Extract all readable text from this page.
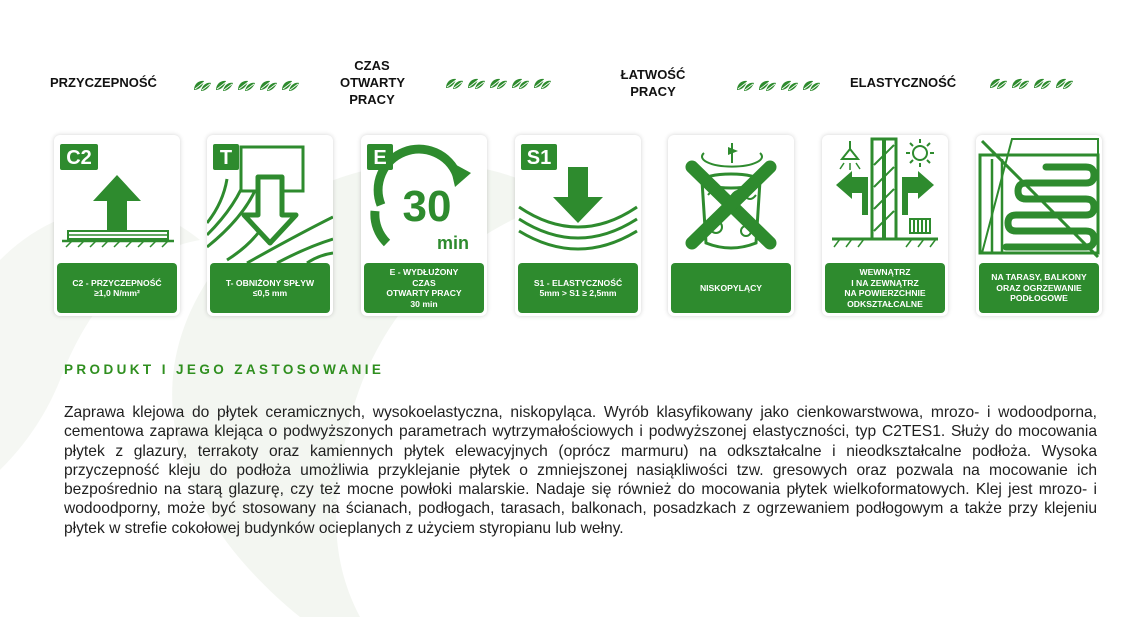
PRZYCZEPNOŚĆ
CZAS
OTWARTY
PRACY
ŁATWOŚĆ
PRACY
ELASTYCZNOŚĆ
C2
C2 - PRZYCZEPNOŚĆ
≥1,0 N/mm²
T
T- OBNIŻONY SPŁYW
≤0,5 mm
E
30
min
E - WYDŁUŻONY
CZAS
OTWARTY PRACY
30 min
S1
S1 - ELASTYCZNOŚĆ
5mm > S1 ≥ 2,5mm
NISKOPYLĄCY
WEWNĄTRZ
I NA ZEWNĄTRZ
NA POWIERZCHNIE
ODKSZTAŁCALNE
NA TARASY, BALKONY
ORAZ OGRZEWANIE
PODŁOGOWE
PRODUKT I JEGO ZASTOSOWANIE
Zaprawa klejowa do płytek ceramicznych, wysokoelastyczna, niskopyląca. Wyrób klasyfikowany jako cienkowarstwowa, mrozo- i wodoodporna, cementowa zaprawa klejąca o podwyższonych parametrach wytrzymałościowych i podwyższonej elastyczności, typ C2TES1. Służy do mocowania płytek z glazury, terrakoty oraz kamiennych płytek elewacyjnych (oprócz marmuru) na odkształcalne i nieodkształcalne podłoża. Wysoka przyczepność kleju do podłoża umożliwia przyklejanie płytek o zmniejszonej nasiąkliwości tzw. gresowych oraz pozwala na mocowanie ich bezpośrednio na starą glazurę, czy też mocne powłoki malarskie. Nadaje się również do mocowania płytek wielkoformatowych. Klej jest mrozo- i wodoodporny, może być stosowany na ścianach, podłogach, tarasach, balkonach, posadzkach z ogrzewaniem podłogowym a także przy klejeniu płytek w strefie cokołowej budynków ocieplanych z użyciem styropianu lub wełny.
